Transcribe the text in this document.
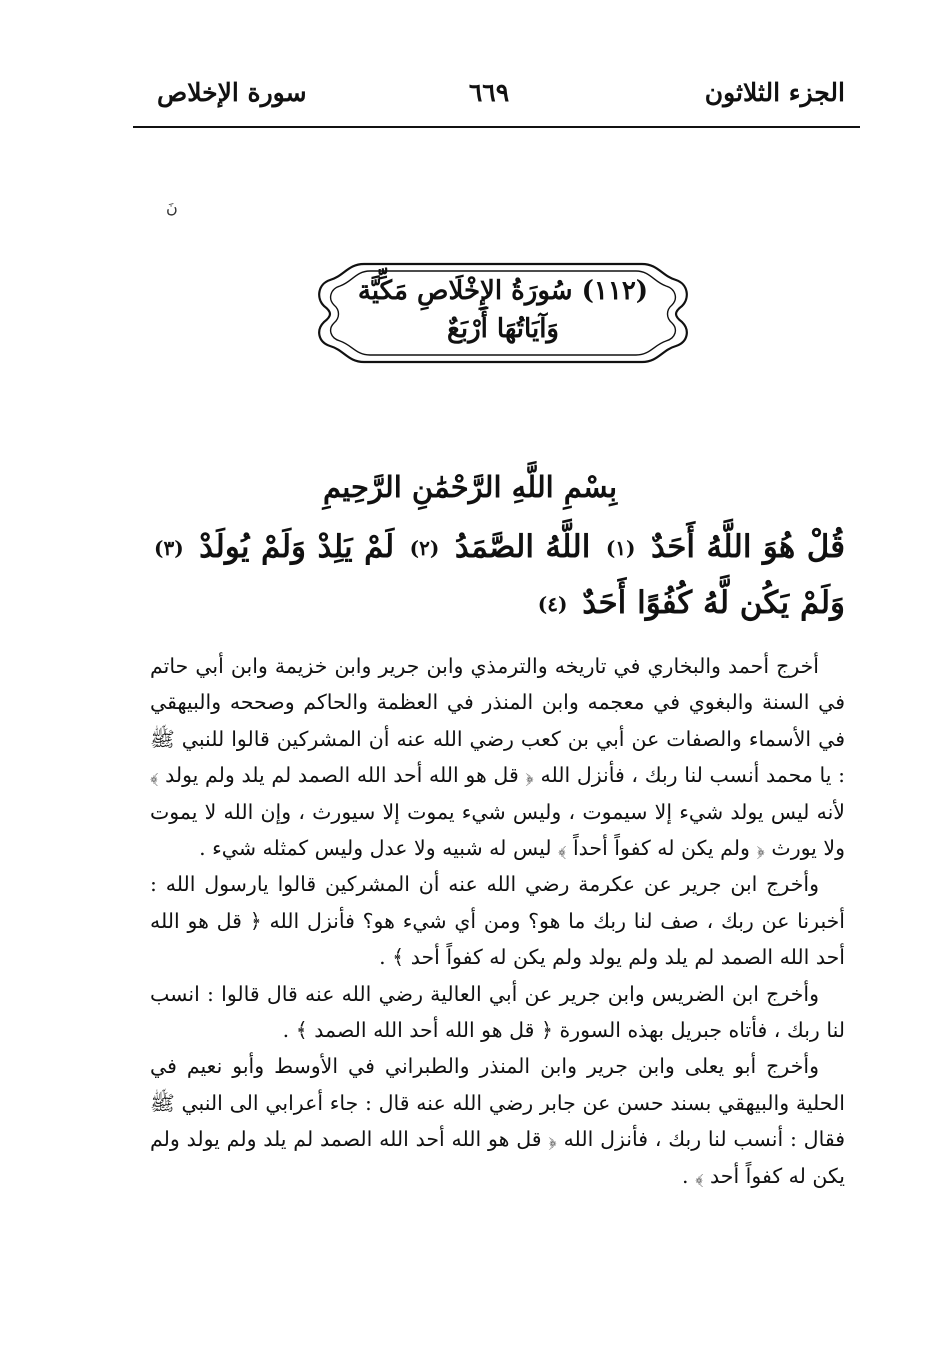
الجزء الثلاثون
٦٦٩
سورة الإخلاص
نَ
(١١٢) سُورَةُ الإِخْلَاصِ مَكِّيَّة
وَآيَاتُهَا أَرْبَعٌ
بِسْمِ اللَّهِ الرَّحْمَٰنِ الرَّحِيمِ
قُلْ هُوَ اللَّهُ أَحَدٌ (١) اللَّهُ الصَّمَدُ (٢) لَمْ يَلِدْ وَلَمْ يُولَدْ (٣) وَلَمْ يَكُن لَّهُ كُفُوًا أَحَدٌ (٤)

أخرج أحمد والبخاري في تاريخه والترمذي وابن جرير وابن خزيمة وابن أبي حاتم في السنة والبغوي في معجمه وابن المنذر في العظمة والحاكم وصححه والبيهقي في الأسماء والصفات عن أبي بن كعب رضي الله عنه أن المشركين قالوا للنبي ﷺ : يا محمد أنسب لنا ربك ، فأنزل الله ﴿ قل هو الله أحد الله الصمد لم يلد ولم يولد ﴾ لأنه ليس يولد شيء إلا سيموت ، وليس شيء يموت إلا سيورث ، وإن الله لا يموت ولا يورث ﴿ ولم يكن له كفواً أحداً ﴾ ليس له شبيه ولا عدل وليس كمثله شيء .

وأخرج ابن جرير عن عكرمة رضي الله عنه أن المشركين قالوا يارسول الله : أخبرنا عن ربك ، صف لنا ربك ما هو؟ ومن أي شيء هو؟ فأنزل الله ﴿ قل هو الله أحد الله الصمد لم يلد ولم يولد ولم يكن له كفواً أحد ﴾ .

وأخرج ابن الضريس وابن جرير عن أبي العالية رضي الله عنه قال قالوا : انسب لنا ربك ، فأتاه جبريل بهذه السورة ﴿ قل هو الله أحد الله الصمد ﴾ .

وأخرج أبو يعلى وابن جرير وابن المنذر والطبراني في الأوسط وأبو نعيم في الحلية والبيهقي بسند حسن عن جابر رضي الله عنه قال : جاء أعرابي الى النبي ﷺ فقال : أنسب لنا ربك ، فأنزل الله ﴿ قل هو الله أحد الله الصمد لم يلد ولم يولد ولم يكن له كفواً أحد ﴾ .
